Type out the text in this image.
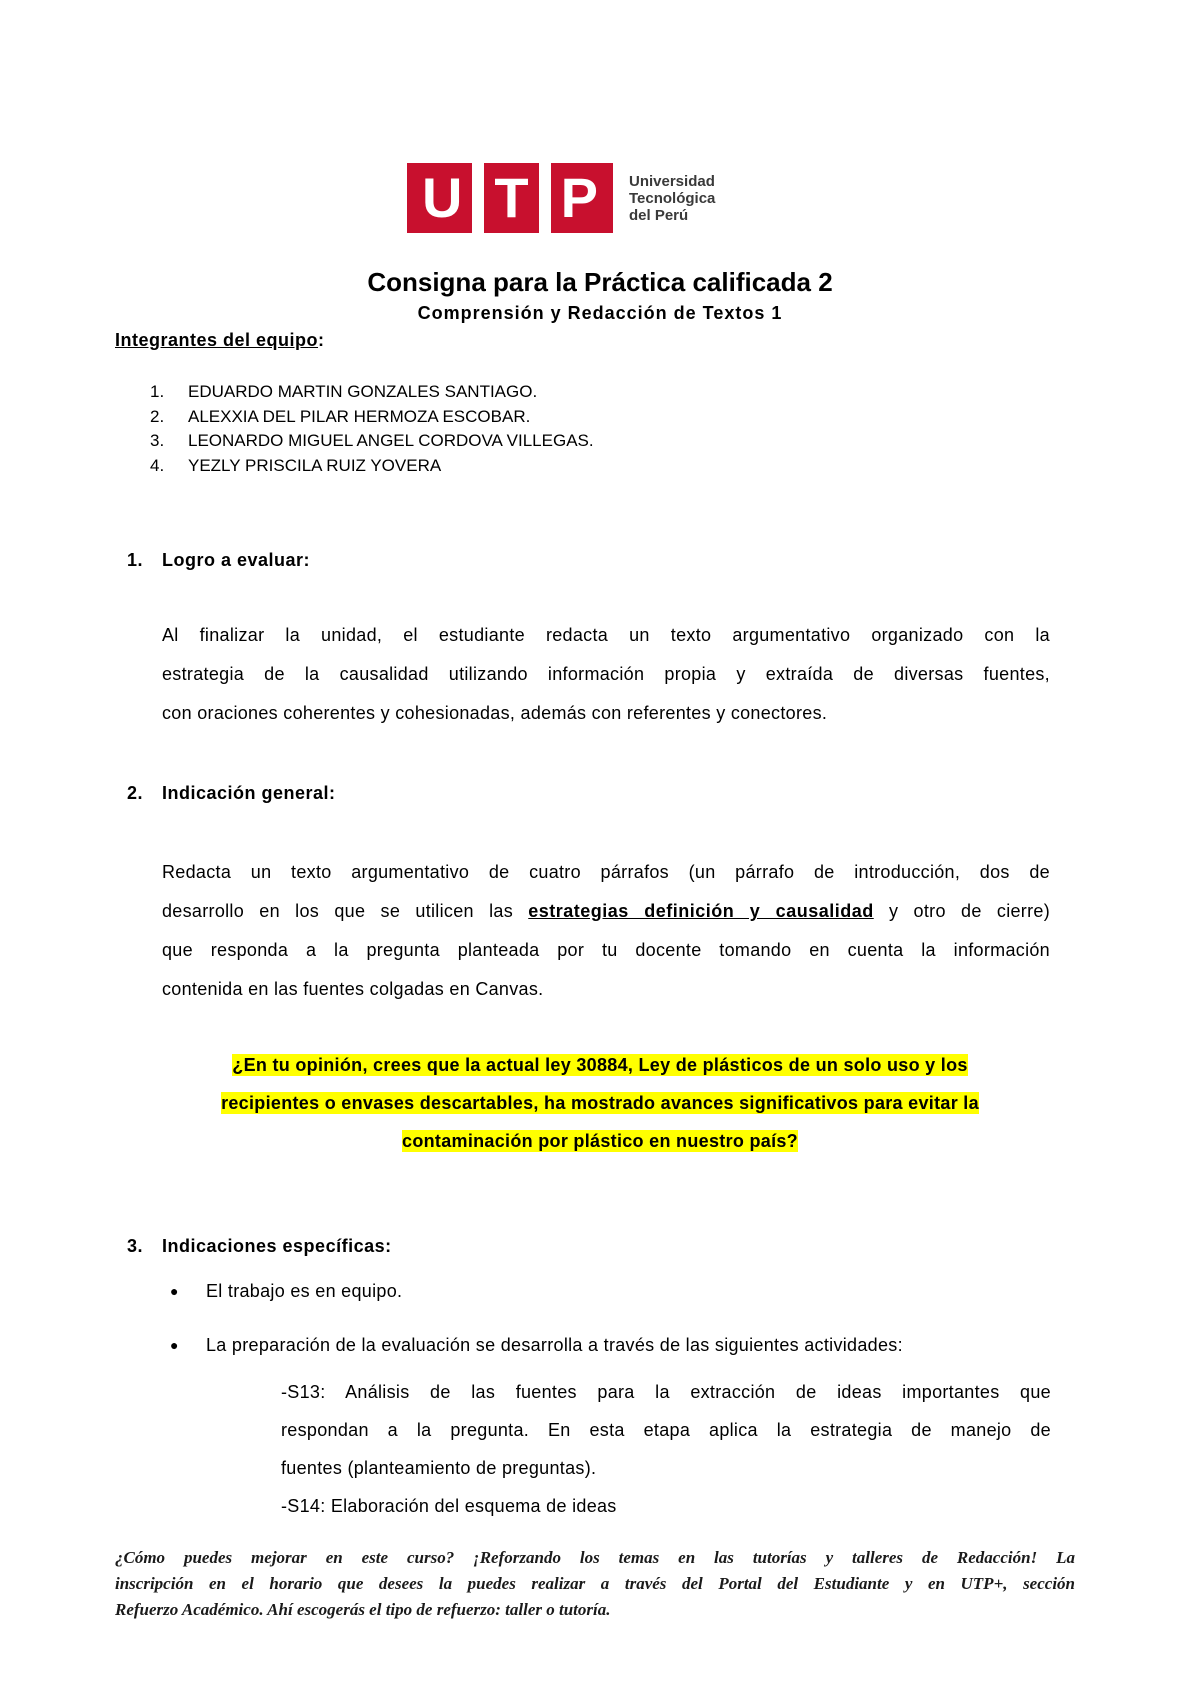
U T P Universidad
Tecnológica
del Perú
Consigna para la Práctica calificada 2
Comprensión y Redacción de Textos 1
Integrantes del equipo:
1.	EDUARDO MARTIN GONZALES SANTIAGO.
2.	ALEXXIA DEL PILAR HERMOZA ESCOBAR.
3.	LEONARDO MIGUEL ANGEL CORDOVA VILLEGAS.
4.	YEZLY PRISCILA RUIZ YOVERA
1.	Logro a evaluar:
Al finalizar la unidad, el estudiante redacta un texto argumentativo organizado con la
estrategia de la causalidad utilizando información propia y extraída de diversas fuentes,
con oraciones coherentes y cohesionadas, además con referentes y conectores.
2.	Indicación general:
Redacta un texto argumentativo de cuatro párrafos (un párrafo de introducción, dos de
desarrollo en los que se utilicen las estrategias definición y causalidad y otro de cierre)
que responda a la pregunta planteada por tu docente tomando en cuenta la información
contenida en las fuentes colgadas en Canvas.
¿En tu opinión, crees que la actual ley 30884, Ley de plásticos de un solo uso y los
recipientes o envases descartables, ha mostrado avances significativos para evitar la
contaminación por plástico en nuestro país?
3.	Indicaciones específicas:
●	El trabajo es en equipo.
●	La preparación de la evaluación se desarrolla a través de las siguientes actividades:
-S13: Análisis de las fuentes para la extracción de ideas importantes que
respondan a la pregunta. En esta etapa aplica la estrategia de manejo de
fuentes (planteamiento de preguntas).
-S14: Elaboración del esquema de ideas
¿Cómo puedes mejorar en este curso? ¡Reforzando los temas en las tutorías y talleres de Redacción! La
inscripción en el horario que desees la puedes realizar a través del Portal del Estudiante y en UTP+, sección
Refuerzo Académico. Ahí escogerás el tipo de refuerzo: taller o tutoría.
